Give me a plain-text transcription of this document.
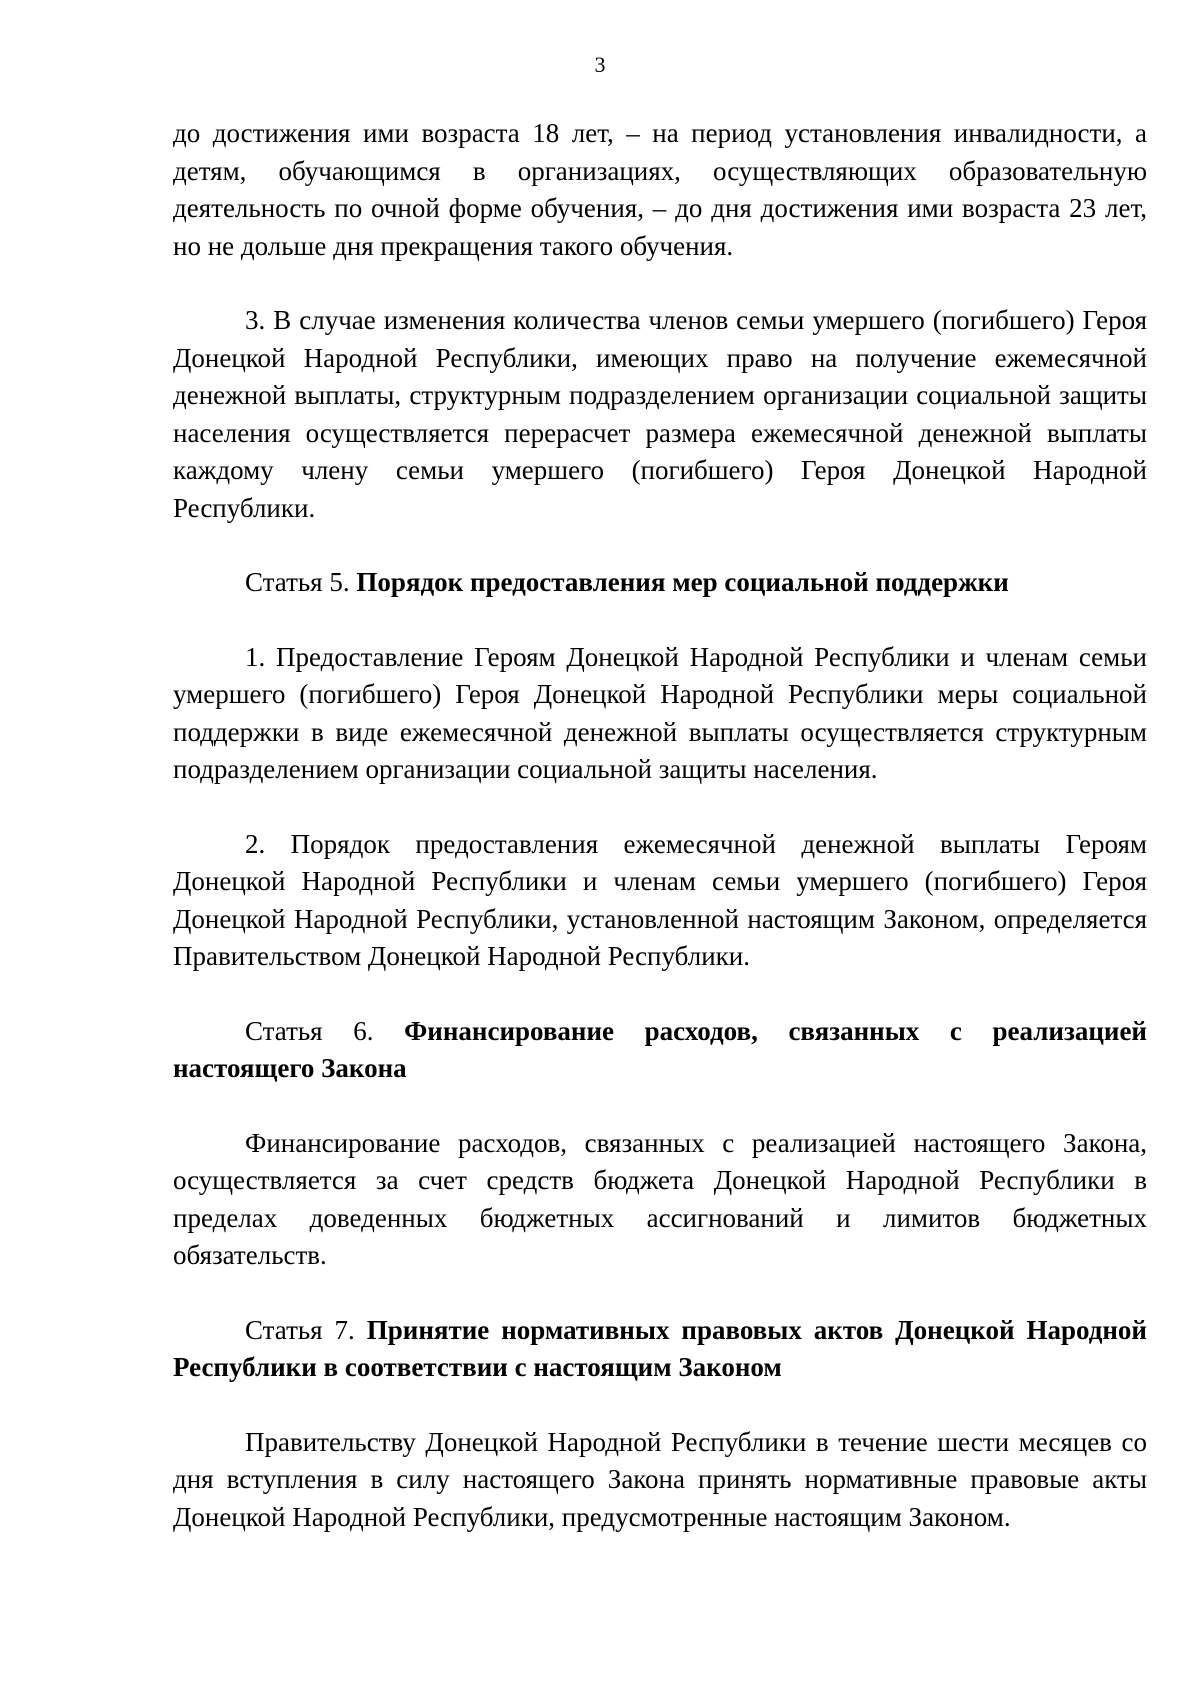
3

до достижения ими возраста 18 лет, – на период установления инвалидности, а детям, обучающимся в организациях, осуществляющих образовательную деятельность по очной форме обучения, – до дня достижения ими возраста 23 лет, но не дольше дня прекращения такого обучения.

3. В случае изменения количества членов семьи умершего (погибшего) Героя Донецкой Народной Республики, имеющих право на получение ежемесячной денежной выплаты, структурным подразделением организации социальной защиты населения осуществляется перерасчет размера ежемесячной денежной выплаты каждому члену семьи умершего (погибшего) Героя Донецкой Народной Республики.

Статья 5. Порядок предоставления мер социальной поддержки

1. Предоставление Героям Донецкой Народной Республики и членам семьи умершего (погибшего) Героя Донецкой Народной Республики меры социальной поддержки в виде ежемесячной денежной выплаты осуществляется структурным подразделением организации социальной защиты населения.

2. Порядок предоставления ежемесячной денежной выплаты Героям Донецкой Народной Республики и членам семьи умершего (погибшего) Героя Донецкой Народной Республики, установленной настоящим Законом, определяется Правительством Донецкой Народной Республики.

Статья 6. Финансирование расходов, связанных с реализацией настоящего Закона

Финансирование расходов, связанных с реализацией настоящего Закона, осуществляется за счет средств бюджета Донецкой Народной Республики в пределах доведенных бюджетных ассигнований и лимитов бюджетных обязательств.

Статья 7. Принятие нормативных правовых актов Донецкой Народной Республики в соответствии с настоящим Законом

Правительству Донецкой Народной Республики в течение шести месяцев со дня вступления в силу настоящего Закона принять нормативные правовые акты Донецкой Народной Республики, предусмотренные настоящим Законом.
